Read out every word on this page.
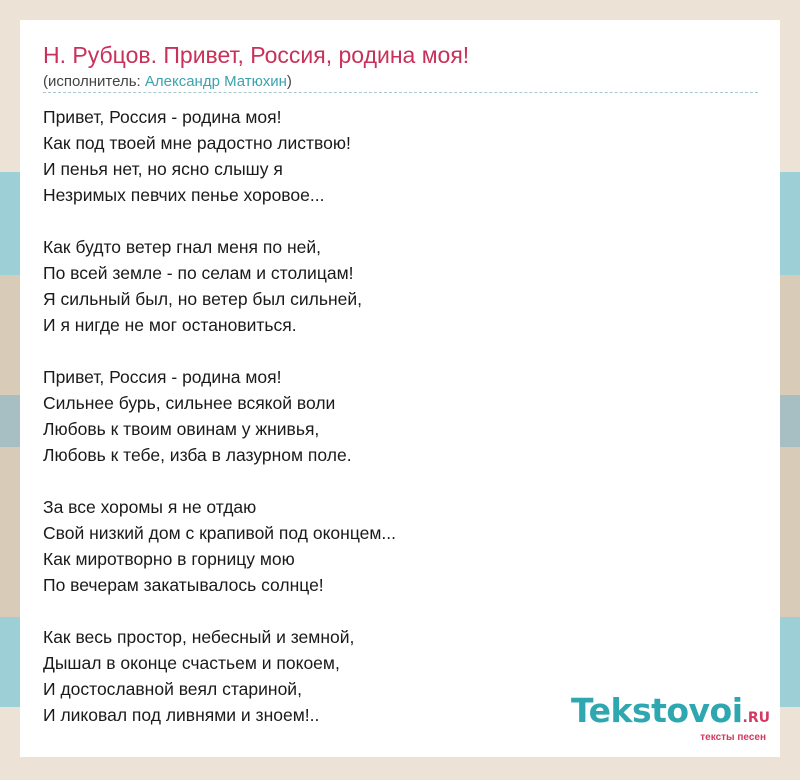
Н. Рубцов. Привет, Россия, родина моя!
(исполнитель: Александр Матюхин)
Привет, Россия - родина моя!
Как под твоей мне радостно листвою!
И пенья нет, но ясно слышу я
Незримых певчих пенье хоровое...
Как будто ветер гнал меня по ней,
По всей земле - по селам и столицам!
Я сильный был, но ветер был сильней,
И я нигде не мог остановиться.
Привет, Россия - родина моя!
Сильнее бурь, сильнее всякой воли
Любовь к твоим овинам у жнивья,
Любовь к тебе, изба в лазурном поле.
За все хоромы я не отдаю
Свой низкий дом с крапивой под оконцем...
Как миротворно в горницу мою
По вечерам закатывалось солнце!
Как весь простор, небесный и земной,
Дышал в оконце счастьем и покоем,
И достославной веял стариной,
И ликовал под ливнями и зноем!..	Tekstovoi.RU
тексты песен
